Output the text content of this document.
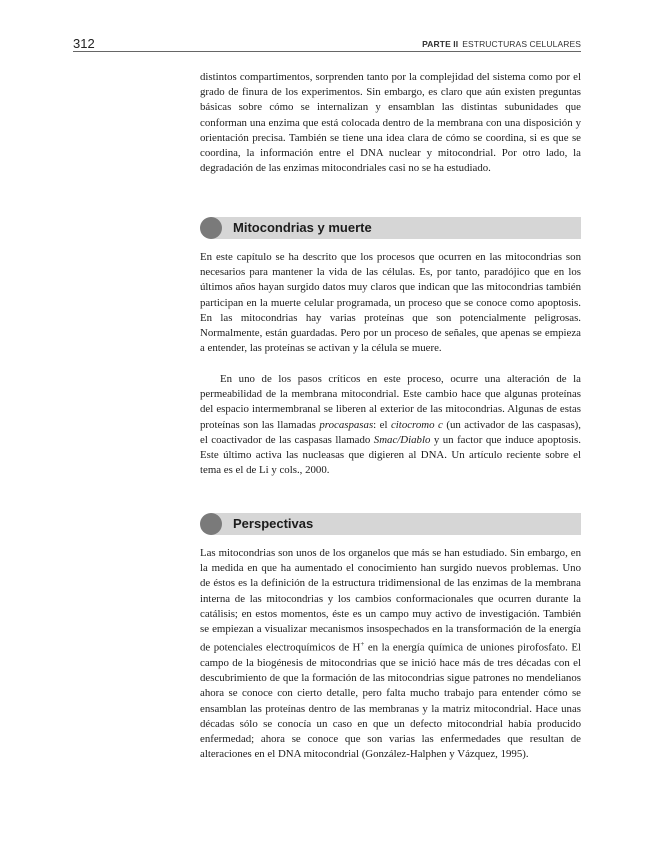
312	PARTE II ESTRUCTURAS CELULARES

distintos compartimentos, sorprenden tanto por la complejidad del sistema como por el grado de finura de los experimentos. Sin embargo, es claro que aún existen preguntas básicas sobre cómo se internalizan y ensamblan las distintas subunidades que conforman una enzima que está colocada dentro de la membrana con una disposición y orientación precisa. También se tiene una idea clara de cómo se coordina, si es que se coordina, la información entre el DNA nuclear y mitocondrial. Por otro lado, la degradación de las enzimas mitocondriales casi no se ha estudiado.

Mitocondrias y muerte

En este capítulo se ha descrito que los procesos que ocurren en las mitocondrias son necesarios para mantener la vida de las células. Es, por tanto, paradójico que en los últimos años hayan surgido datos muy claros que indican que las mitocondrias también participan en la muerte celular programada, un proceso que se conoce como apoptosis. En las mitocondrias hay varias proteínas que son potencialmente peligrosas. Normalmente, están guardadas. Pero por un proceso de señales, que apenas se empieza a entender, las proteínas se activan y la célula se muere.

En uno de los pasos críticos en este proceso, ocurre una alteración de la permeabilidad de la membrana mitocondrial. Este cambio hace que algunas proteínas del espacio intermembranal se liberen al exterior de las mitocondrias. Algunas de estas proteínas son las llamadas procaspasas: el citocromo c (un activador de las caspasas), el coactivador de las caspasas llamado Smac/Diablo y un factor que induce apoptosis. Este último activa las nucleasas que digieren al DNA. Un artículo reciente sobre el tema es el de Li y cols., 2000.

Perspectivas

Las mitocondrias son unos de los organelos que más se han estudiado. Sin embargo, en la medida en que ha aumentado el conocimiento han surgido nuevos problemas. Uno de éstos es la definición de la estructura tridimensional de las enzimas de la membrana interna de las mitocondrias y los cambios conformacionales que ocurren durante la catálisis; en estos momentos, éste es un campo muy activo de investigación. También se empiezan a visualizar mecanismos insospechados en la transformación de la energía de potenciales electroquímicos de H+ en la energía química de uniones pirofosfato. El campo de la biogénesis de mitocondrias que se inició hace más de tres décadas con el descubrimiento de que la formación de las mitocondrias sigue patrones no mendelianos ahora se conoce con cierto detalle, pero falta mucho trabajo para entender cómo se ensamblan las proteínas dentro de las membranas y la matriz mitocondrial. Hace unas décadas sólo se conocía un caso en que un defecto mitocondrial había producido enfermedad; ahora se conoce que son varias las enfermedades que resultan de alteraciones en el DNA mitocondrial (González-Halphen y Vázquez, 1995).
